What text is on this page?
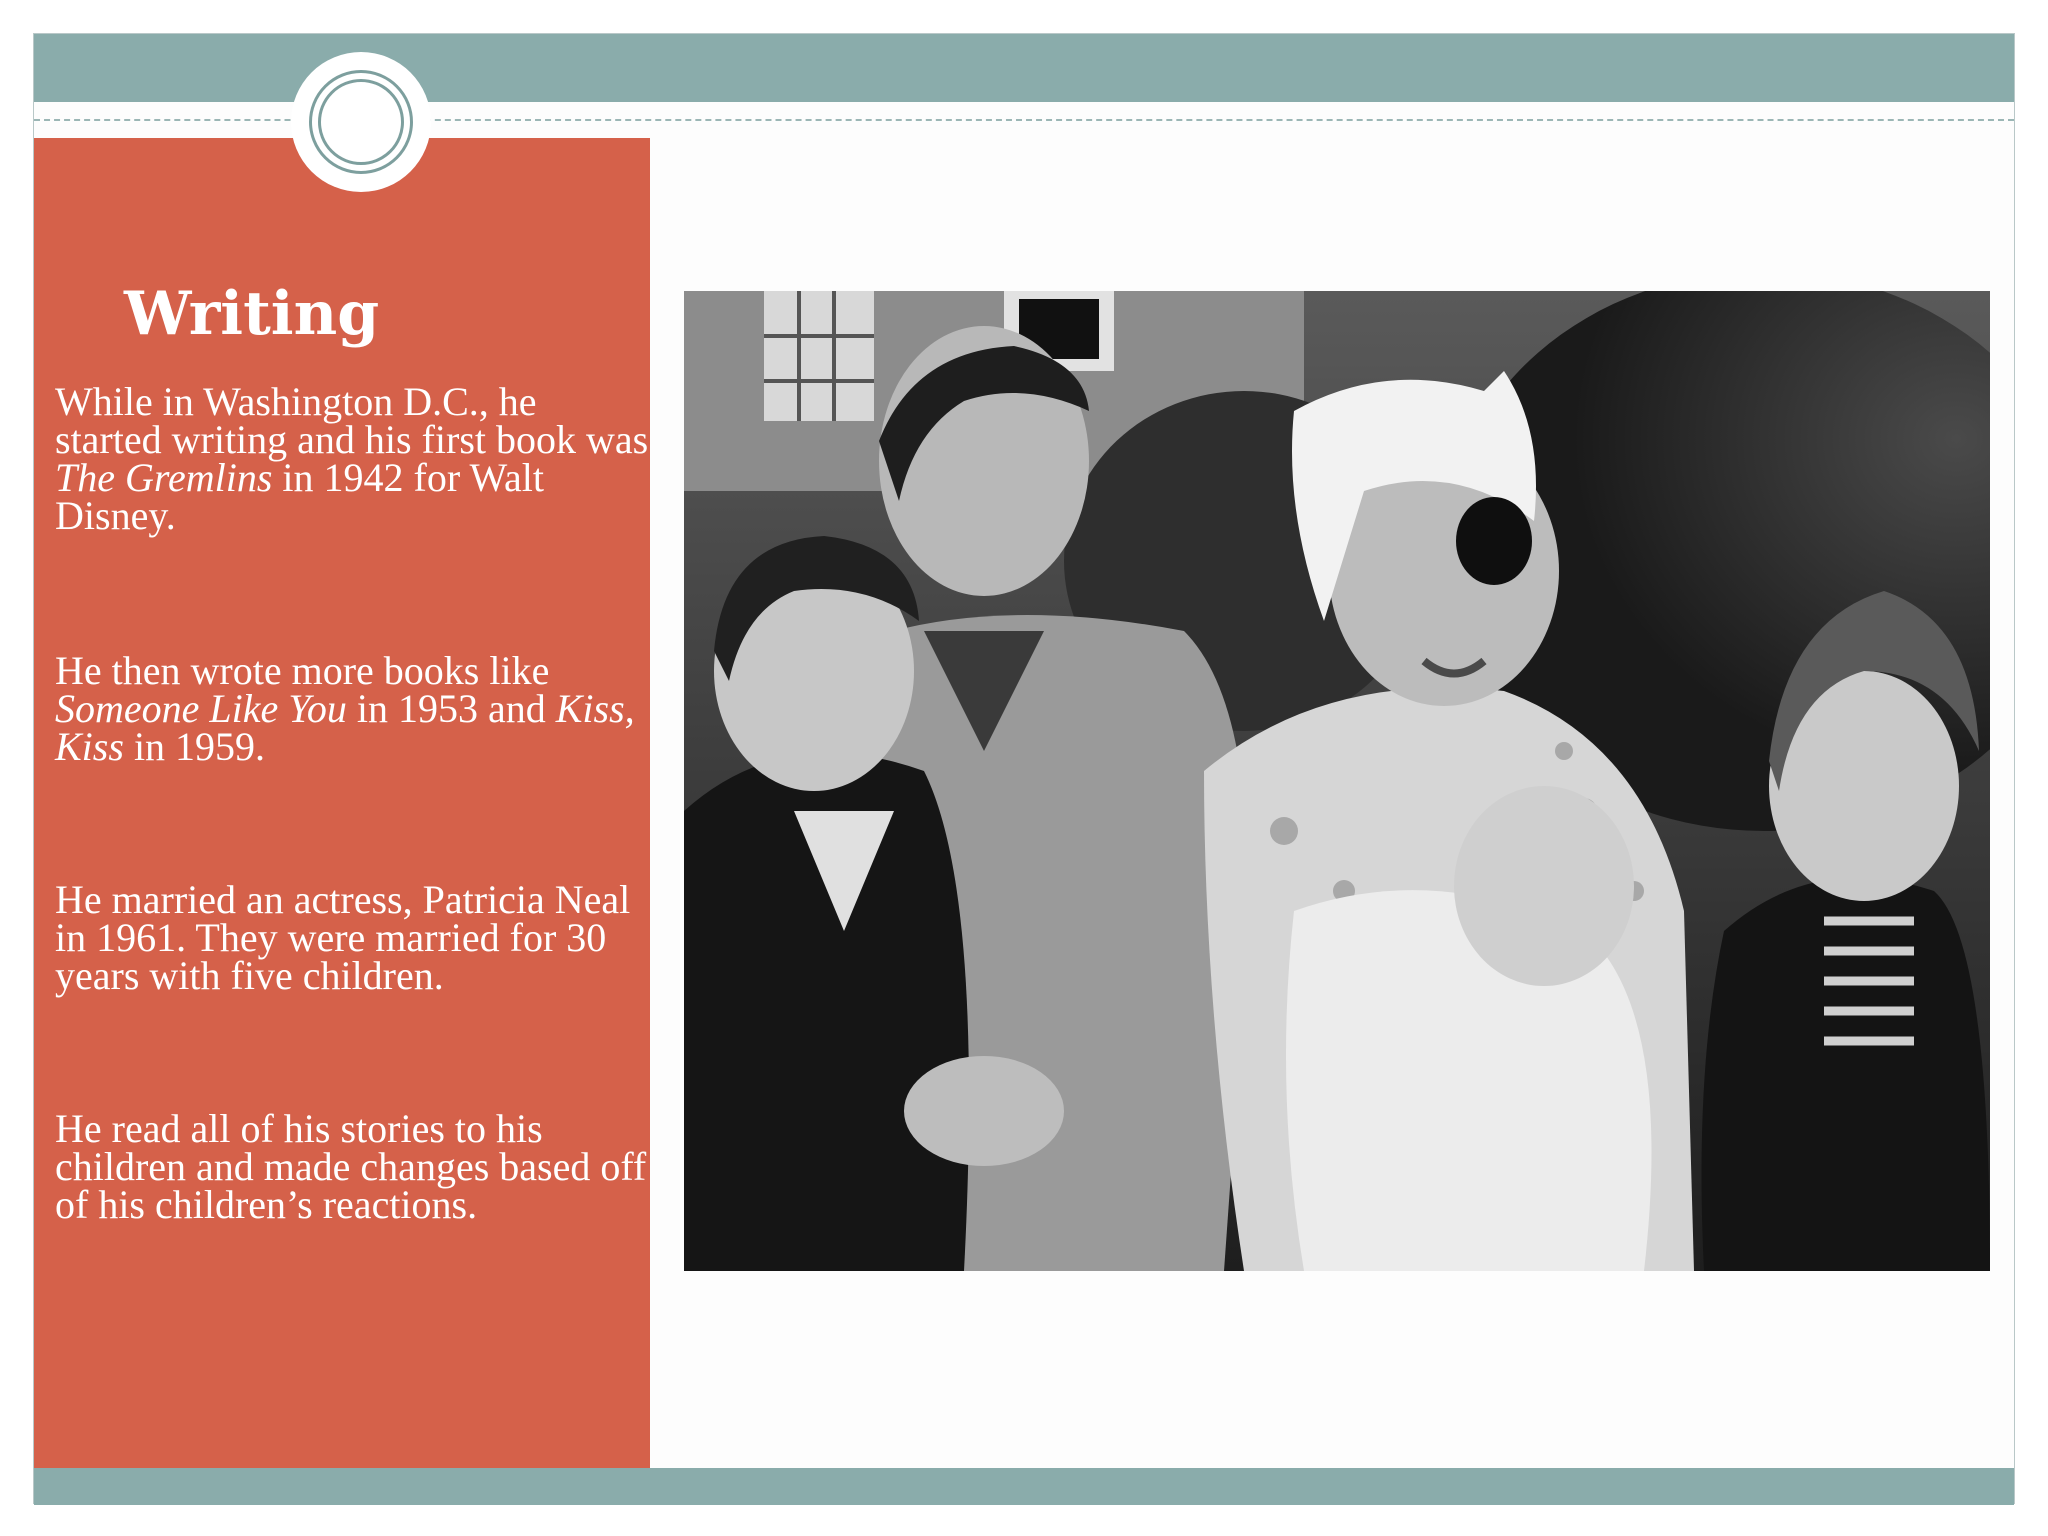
Writing

While in Washington D.C., he started writing and his first book was The Gremlins in 1942 for Walt Disney.

He then wrote more books like Someone Like You in 1953 and Kiss, Kiss in 1959.

He married an actress, Patricia Neal in 1961. They were married for 30 years with five children.

He read all of his stories to his children and made changes based off of his children’s reactions.
